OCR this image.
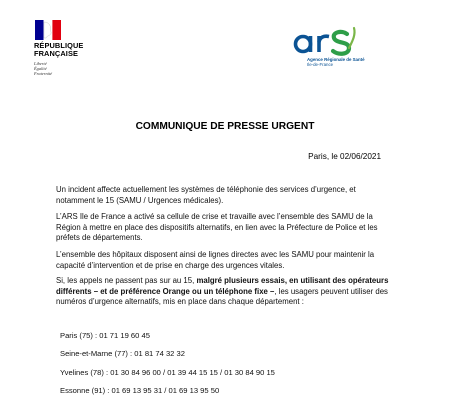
RÉPUBLIQUE
FRANÇAISE
Liberté
Égalité
Fraternité
Agence Régionale de Santé
Ile-de-France
COMMUNIQUE DE PRESSE URGENT
Paris, le 02/06/2021

Un incident affecte actuellement les systèmes de téléphonie des services d’urgence, et notamment le 15 (SAMU / Urgences médicales).

L’ARS Ile de France a activé sa cellule de crise et travaille avec l’ensemble des SAMU de la Région à mettre en place des dispositifs alternatifs, en lien avec la Préfecture de Police et les préfets de départements.

L’ensemble des hôpitaux disposent ainsi de lignes directes avec les SAMU pour maintenir la capacité d’intervention et de prise en charge des urgences vitales.

Si, les appels ne passent pas sur au 15, malgré plusieurs essais, en utilisant des opérateurs différents – et de préférence Orange ou un téléphone fixe –, les usagers peuvent utiliser des numéros d’urgence alternatifs, mis en place dans chaque département :

Paris (75) : 01 71 19 60 45
Seine-et-Marne (77) : 01 81 74 32 32
Yvelines (78) : 01 30 84 96 00 / 01 39 44 15 15 / 01 30 84 90 15
Essonne (91) : 01 69 13 95 31 / 01 69 13 95 50
